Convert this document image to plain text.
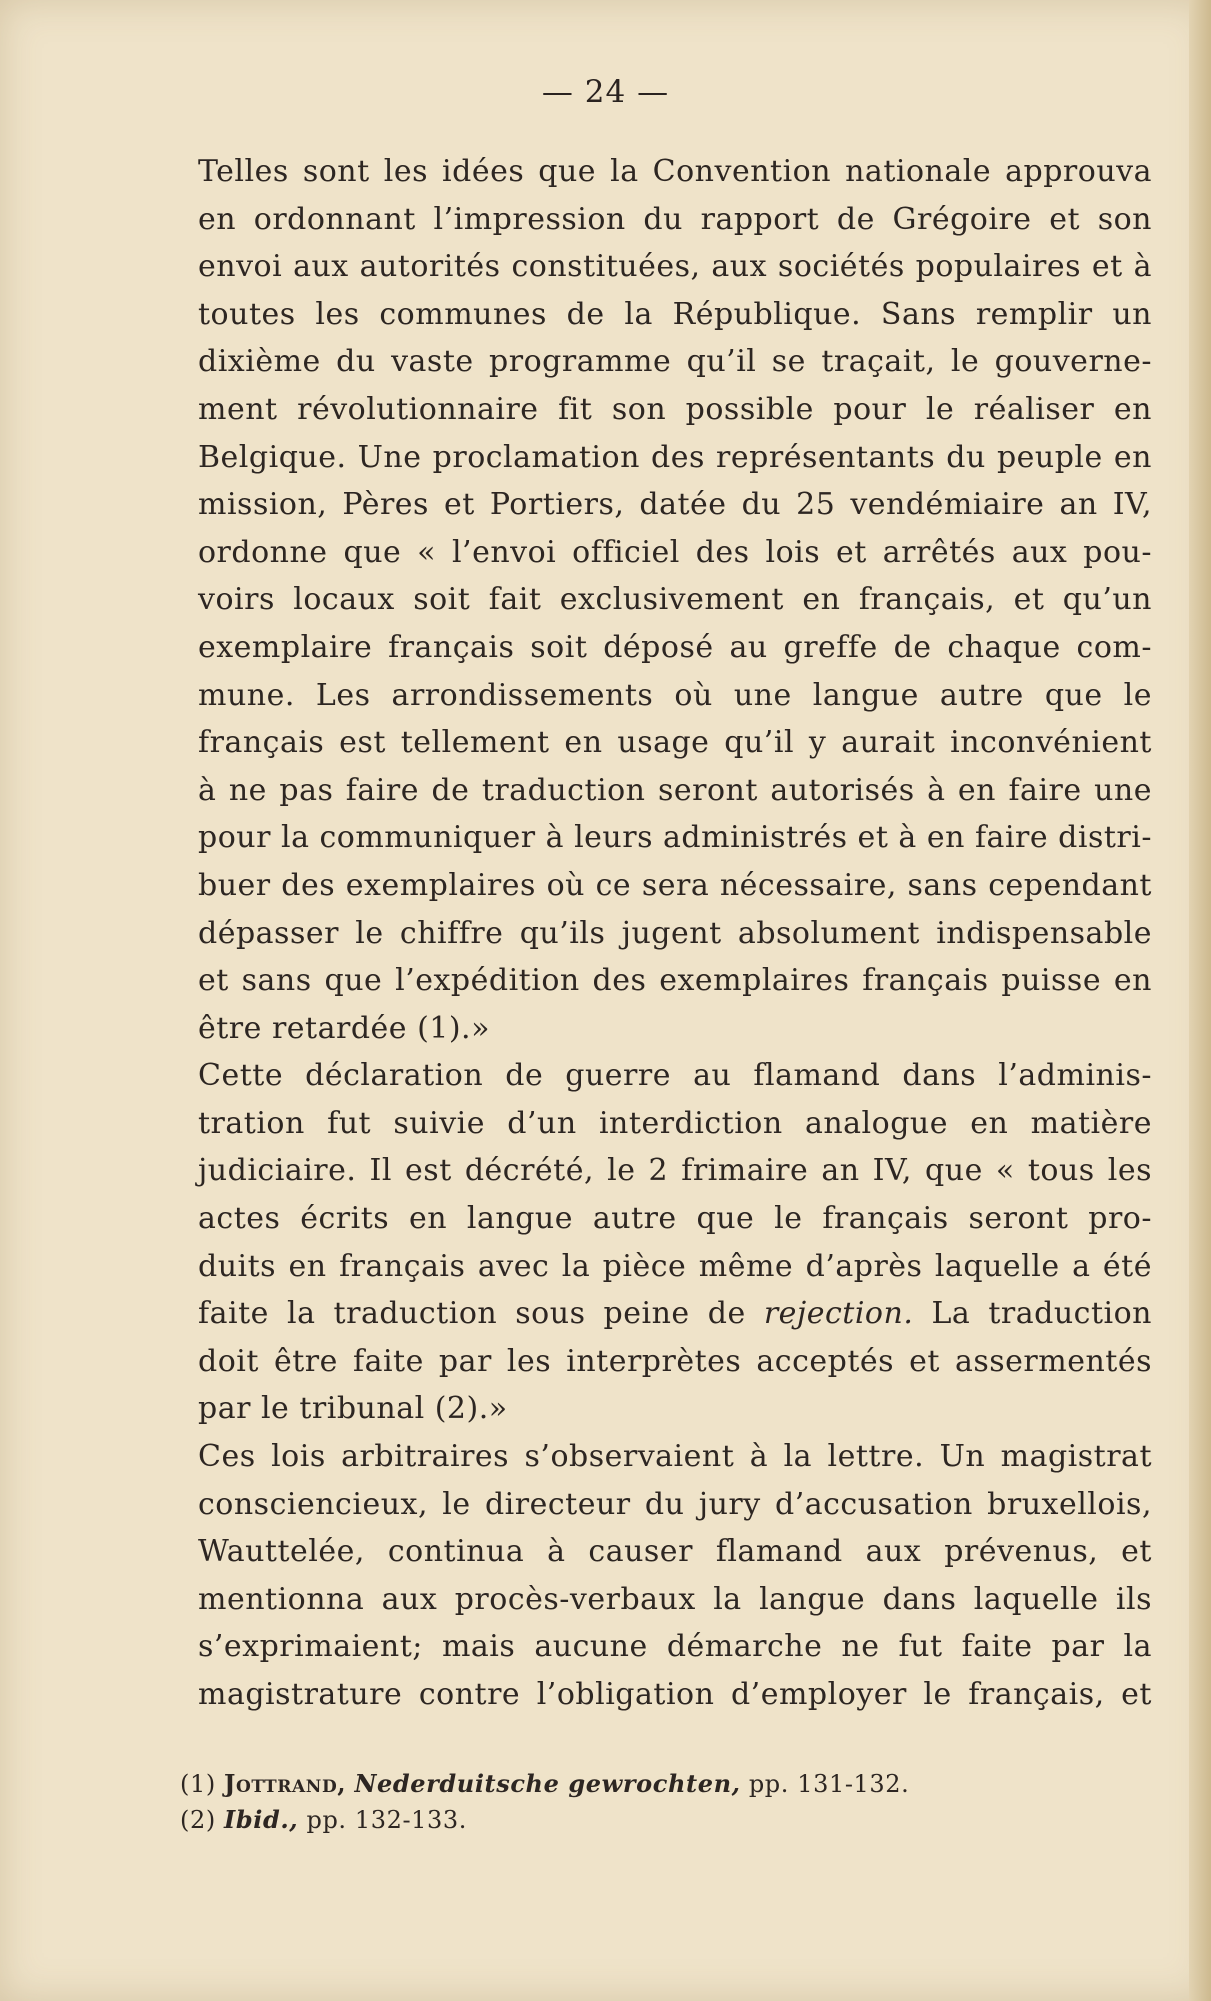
— 24 —

Telles sont les idées que la Convention nationale approuva
en ordonnant l’impression du rapport de Grégoire et son
envoi aux autorités constituées, aux sociétés populaires et à
toutes les communes de la République. Sans remplir un
dixième du vaste programme qu’il se traçait, le gouverne-
ment révolutionnaire fit son possible pour le réaliser en
Belgique. Une proclamation des représentants du peuple en
mission, Pères et Portiers, datée du 25 vendémiaire an IV,
ordonne que « l’envoi officiel des lois et arrêtés aux pou-
voirs locaux soit fait exclusivement en français, et qu’un
exemplaire français soit déposé au greffe de chaque com-
mune. Les arrondissements où une langue autre que le
français est tellement en usage qu’il y aurait inconvénient
à ne pas faire de traduction seront autorisés à en faire une
pour la communiquer à leurs administrés et à en faire distri-
buer des exemplaires où ce sera nécessaire, sans cependant
dépasser le chiffre qu’ils jugent absolument indispensable
et sans que l’expédition des exemplaires français puisse en
être retardée (1).»

Cette déclaration de guerre au flamand dans l’adminis-
tration fut suivie d’un interdiction analogue en matière
judiciaire. Il est décrété, le 2 frimaire an IV, que « tous les
actes écrits en langue autre que le français seront pro-
duits en français avec la pièce même d’après laquelle a été
faite la traduction sous peine de rejection. La traduction
doit être faite par les interprètes acceptés et assermentés
par le tribunal (2).»

Ces lois arbitraires s’observaient à la lettre. Un magistrat
consciencieux, le directeur du jury d’accusation bruxellois,
Wauttelée, continua à causer flamand aux prévenus, et
mentionna aux procès-verbaux la langue dans laquelle ils
s’exprimaient; mais aucune démarche ne fut faite par la
magistrature contre l’obligation d’employer le français, et

(1) Jottrand, Nederduitsche gewrochten, pp. 131-132.
(2) Ibid., pp. 132-133.
